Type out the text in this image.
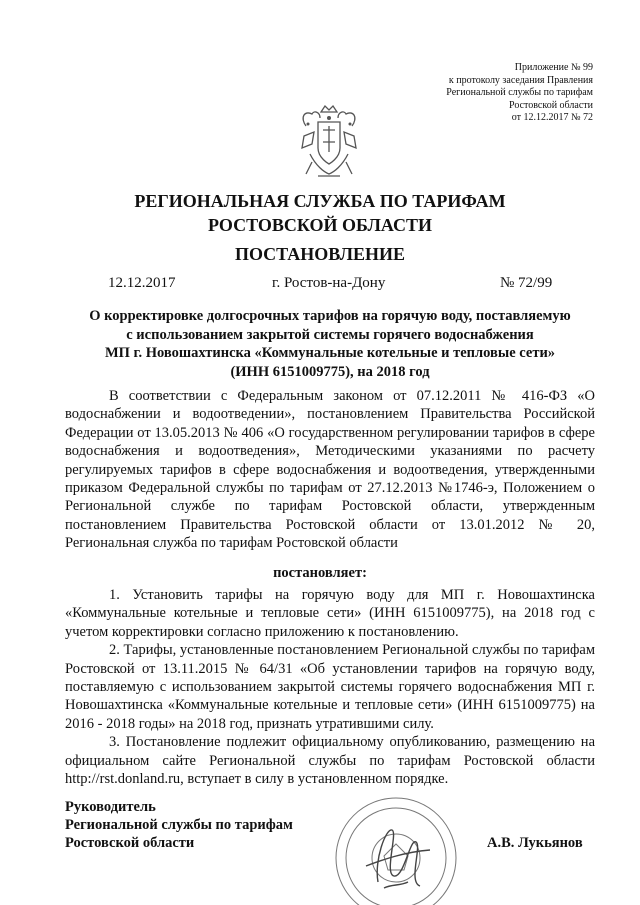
Приложение № 99
к протоколу заседания Правления
Региональной службы по тарифам
Ростовской области
от 12.12.2017 № 72
РЕГИОНАЛЬНАЯ СЛУЖБА ПО ТАРИФАМ
РОСТОВСКОЙ ОБЛАСТИ
ПОСТАНОВЛЕНИЕ
12.12.2017	г. Ростов-на-Дону	№ 72/99
О корректировке долгосрочных тарифов на горячую воду, поставляемую
с использованием закрытой системы горячего водоснабжения
МП г. Новошахтинска «Коммунальные котельные и тепловые сети»
(ИНН 6151009775), на 2018 год
В соответствии с Федеральным законом от 07.12.2011 № 416-ФЗ «О водоснабжении и водоотведении», постановлением Правительства Российской Федерации от 13.05.2013 № 406 «О государственном регулировании тарифов в сфере водоснабжения и водоотведения», Методическими указаниями по расчету регулируемых тарифов в сфере водоснабжения и водоотведения, утвержденными приказом Федеральной службы по тарифам от 27.12.2013 №1746-э, Положением о Региональной службе по тарифам Ростовской области, утвержденным постановлением Правительства Ростовской области от 13.01.2012 № 20, Региональная служба по тарифам Ростовской области
постановляет:
1. Установить тарифы на горячую воду для МП г. Новошахтинска «Коммунальные котельные и тепловые сети» (ИНН 6151009775), на 2018 год с учетом корректировки согласно приложению к постановлению.
2. Тарифы, установленные постановлением Региональной службы по тарифам Ростовской от 13.11.2015 № 64/31 «Об установлении тарифов на горячую воду, поставляемую с использованием закрытой системы горячего водоснабжения МП г. Новошахтинска «Коммунальные котельные и тепловые сети» (ИНН 6151009775) на 2016 - 2018 годы» на 2018 год, признать утратившими силу.
3. Постановление подлежит официальному опубликованию, размещению на официальном сайте Региональной службы по тарифам Ростовской области http://rst.donland.ru, вступает в силу в установленном порядке.
Руководитель
Региональной службы по тарифам
Ростовской области	А.В. Лукьянов
